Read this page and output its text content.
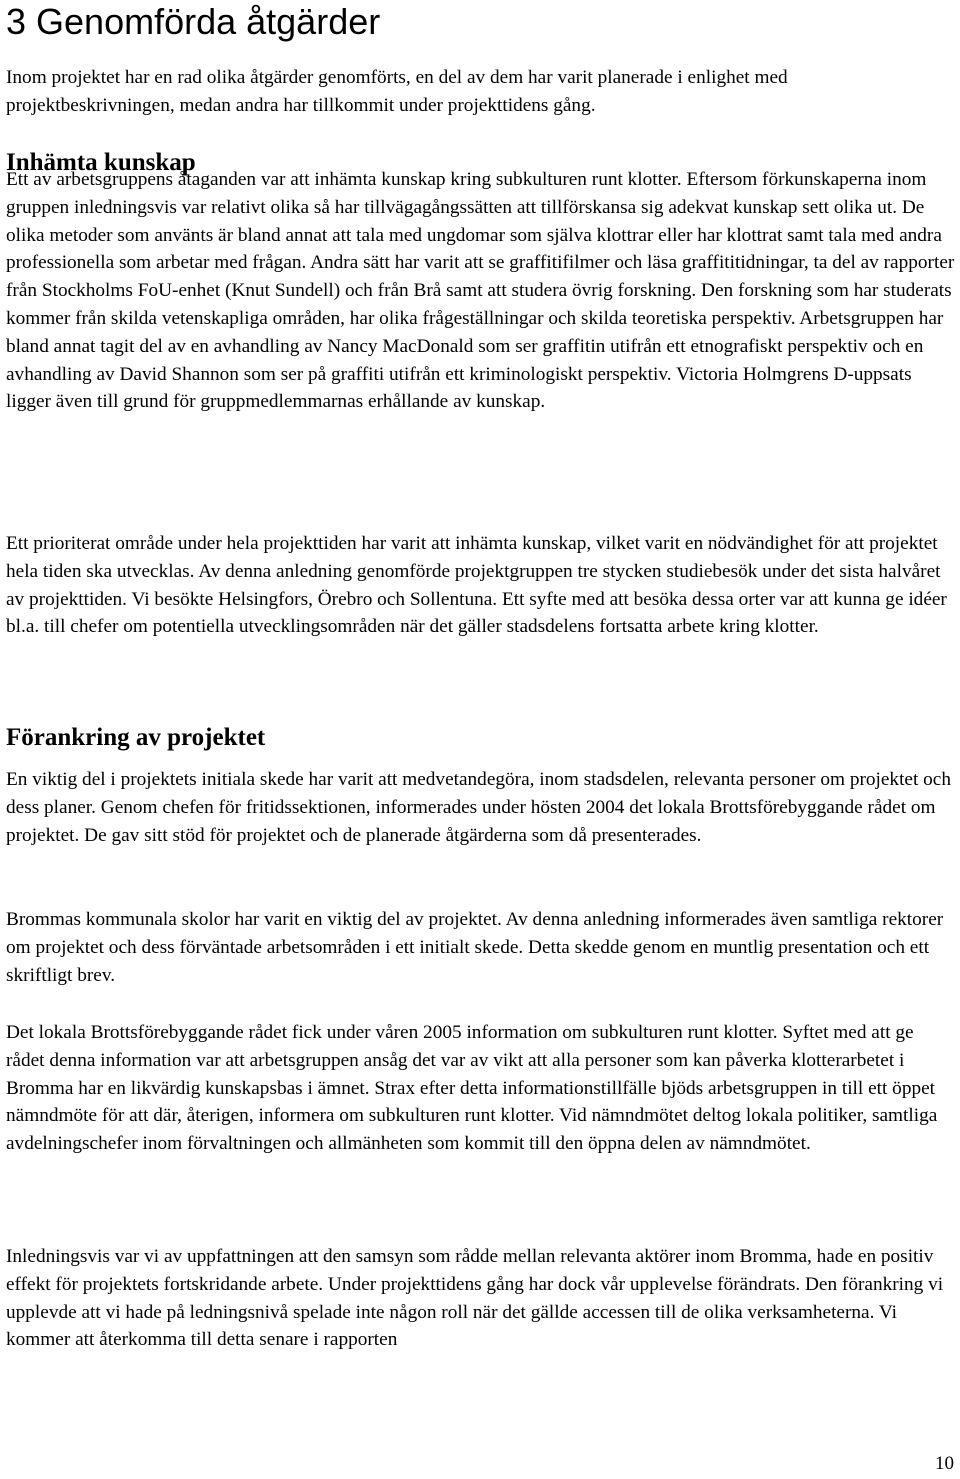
3 Genomförda åtgärder

Inom projektet har en rad olika åtgärder genomförts, en del av dem har varit planerade i enlighet med projektbeskrivningen, medan andra har tillkommit under projekttidens gång.

Inhämta kunskap

Ett av arbetsgruppens åtaganden var att inhämta kunskap kring subkulturen runt klotter. Eftersom förkunskaperna inom gruppen inledningsvis var relativt olika så har tillvägagångssätten att tillförskansa sig adekvat kunskap sett olika ut. De olika metoder som använts är bland annat att tala med ungdomar som själva klottrar eller har klottrat samt tala med andra professionella som arbetar med frågan. Andra sätt har varit att se graffitifilmer och läsa graffititidningar, ta del av rapporter från Stockholms FoU-enhet (Knut Sundell) och från Brå samt att studera övrig forskning. Den forskning som har studerats kommer från skilda vetenskapliga områden, har olika frågeställningar och skilda teoretiska perspektiv. Arbetsgruppen har bland annat tagit del av en avhandling av Nancy MacDonald som ser graffitin utifrån ett etnografiskt perspektiv och en avhandling av David Shannon som ser på graffiti utifrån ett kriminologiskt perspektiv. Victoria Holmgrens D-uppsats ligger även till grund för gruppmedlemmarnas erhållande av kunskap.

Ett prioriterat område under hela projekttiden har varit att inhämta kunskap, vilket varit en nödvändighet för att projektet hela tiden ska utvecklas. Av denna anledning genomförde projektgruppen tre stycken studiebesök under det sista halvåret av projekttiden. Vi besökte Helsingfors, Örebro och Sollentuna. Ett syfte med att besöka dessa orter var att kunna ge idéer bl.a. till chefer om potentiella utvecklingsområden när det gäller stadsdelens fortsatta arbete kring klotter.

Förankring av projektet

En viktig del i projektets initiala skede har varit att medvetandegöra, inom stadsdelen, relevanta personer om projektet och dess planer. Genom chefen för fritidssektionen, informerades under hösten 2004 det lokala Brottsförebyggande rådet om projektet. De gav sitt stöd för projektet och de planerade åtgärderna som då presenterades.

Brommas kommunala skolor har varit en viktig del av projektet. Av denna anledning informerades även samtliga rektorer om projektet och dess förväntade arbetsområden i ett initialt skede. Detta skedde genom en muntlig presentation och ett skriftligt brev.

Det lokala Brottsförebyggande rådet fick under våren 2005 information om subkulturen runt klotter. Syftet med att ge rådet denna information var att arbetsgruppen ansåg det var av vikt att alla personer som kan påverka klotterarbetet i Bromma har en likvärdig kunskapsbas i ämnet. Strax efter detta informationstillfälle bjöds arbetsgruppen in till ett öppet nämndmöte för att där, återigen, informera om subkulturen runt klotter. Vid nämndmötet deltog lokala politiker, samtliga avdelningschefer inom förvaltningen och allmänheten som kommit till den öppna delen av nämndmötet.

Inledningsvis var vi av uppfattningen att den samsyn som rådde mellan relevanta aktörer inom Bromma, hade en positiv effekt för projektets fortskridande arbete. Under projekttidens gång har dock vår upplevelse förändrats. Den förankring vi upplevde att vi hade på ledningsnivå spelade inte någon roll när det gällde accessen till de olika verksamheterna. Vi kommer att återkomma till detta senare i rapporten

10
